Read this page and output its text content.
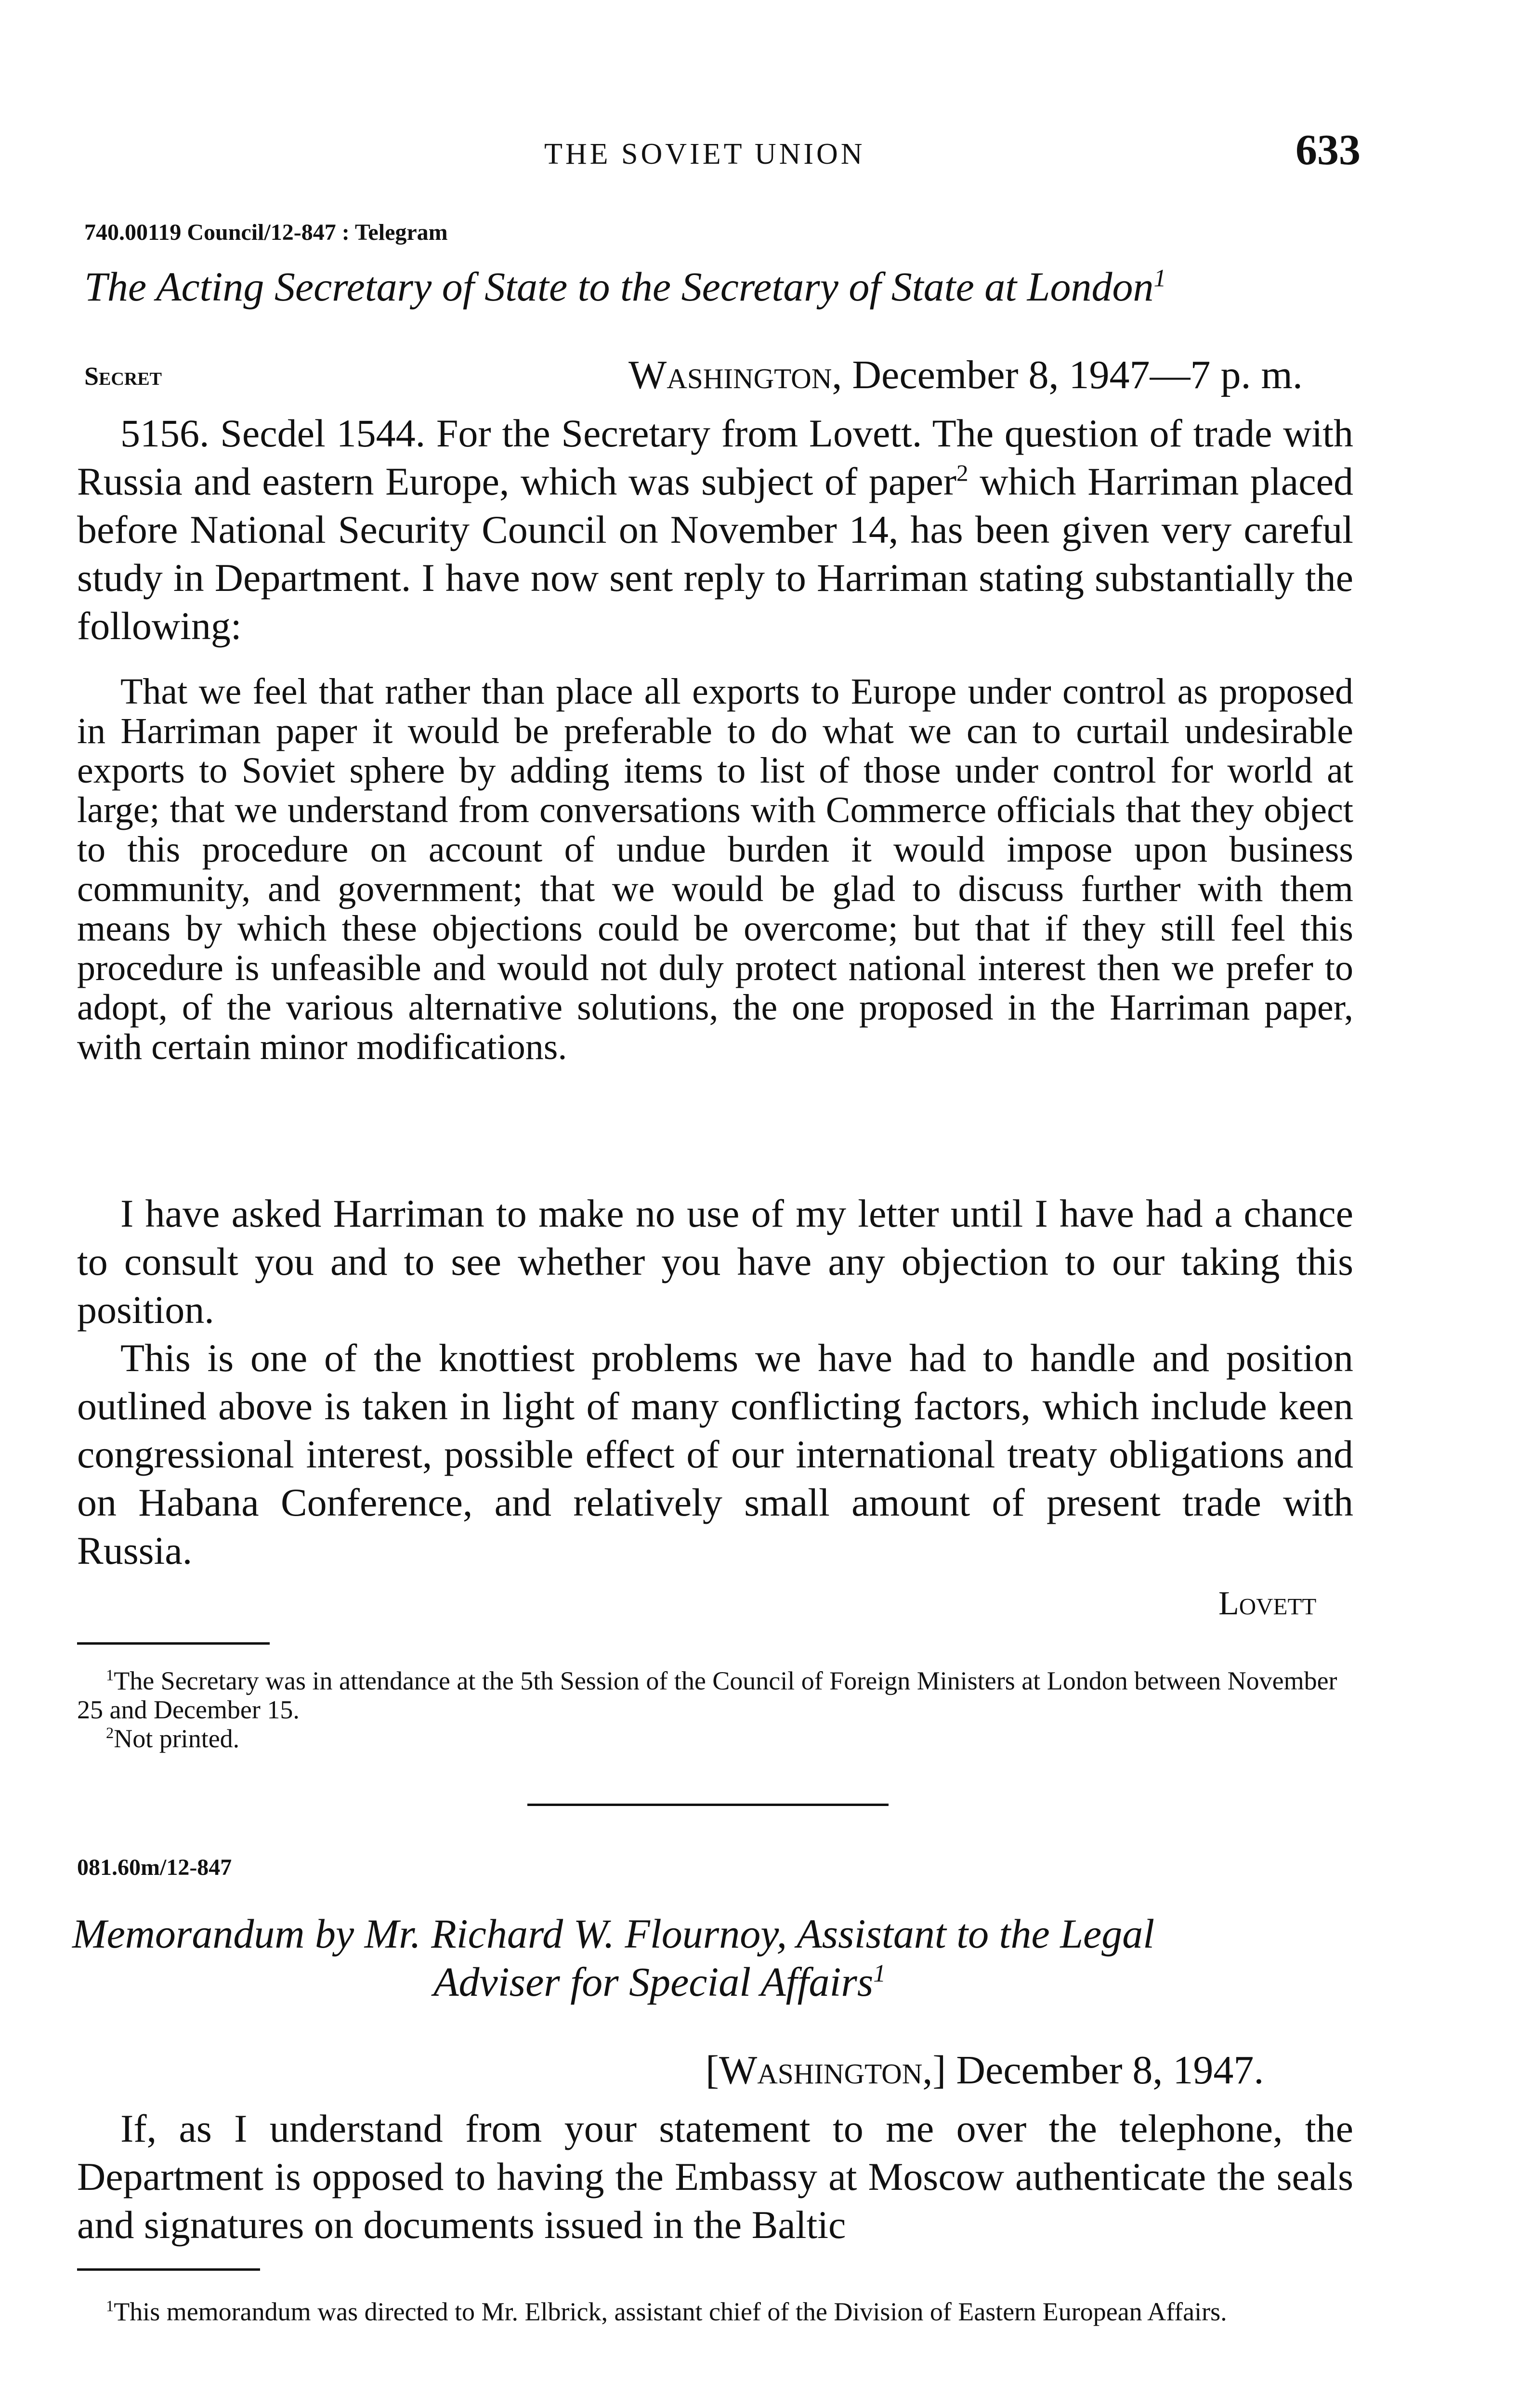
THE SOVIET UNION	633
740.00119 Council/12-847 : Telegram
The Acting Secretary of State to the Secretary of State at London$^1$
Secret	Washington, December 8, 1947—7 p. m.

5156. Secdel 1544. For the Secretary from Lovett. The question of trade with Russia and eastern Europe, which was subject of paper$^2$ which Harriman placed before National Security Council on November 14, has been given very careful study in Department. I have now sent reply to Harriman stating substantially the following:

That we feel that rather than place all exports to Europe under control as proposed in Harriman paper it would be preferable to do what we can to curtail undesirable exports to Soviet sphere by adding items to list of those under control for world at large; that we understand from conversations with Commerce officials that they object to this procedure on account of undue burden it would impose upon business community, and government; that we would be glad to discuss further with them means by which these objections could be overcome; but that if they still feel this procedure is unfeasible and would not duly protect national interest then we prefer to adopt, of the various alternative solutions, the one proposed in the Harriman paper, with certain minor modifications.

I have asked Harriman to make no use of my letter until I have had a chance to consult you and to see whether you have any objection to our taking this position.

This is one of the knottiest problems we have had to handle and position outlined above is taken in light of many conflicting factors, which include keen congressional interest, possible effect of our international treaty obligations and on Habana Conference, and relatively small amount of present trade with Russia.

Lovett

$^1$The Secretary was in attendance at the 5th Session of the Council of Foreign Ministers at London between November 25 and December 15.

$^2$Not printed.

081.60m/12-847
Memorandum by Mr. Richard W. Flournoy, Assistant to the Legal
Adviser for Special Affairs$^1$
[Washington,] December 8, 1947.

If, as I understand from your statement to me over the telephone, the Department is opposed to having the Embassy at Moscow authenticate the seals and signatures on documents issued in the Baltic

$^1$This memorandum was directed to Mr. Elbrick, assistant chief of the Division of Eastern European Affairs.
